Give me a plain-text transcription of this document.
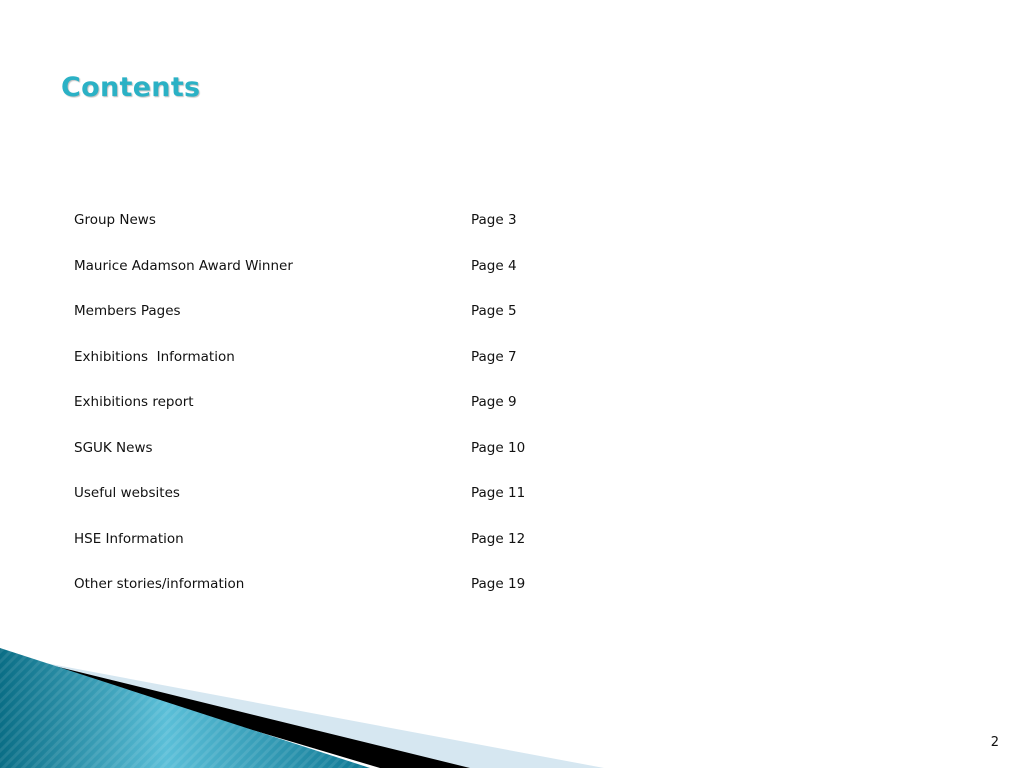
Contents
Group News	Page 3
Maurice Adamson Award Winner	Page 4
Members Pages	Page 5
Exhibitions  Information	Page 7
Exhibitions report	Page 9
SGUK News	Page 10
Useful websites	Page 11
HSE Information	Page 12
Other stories/information	Page 19
2
